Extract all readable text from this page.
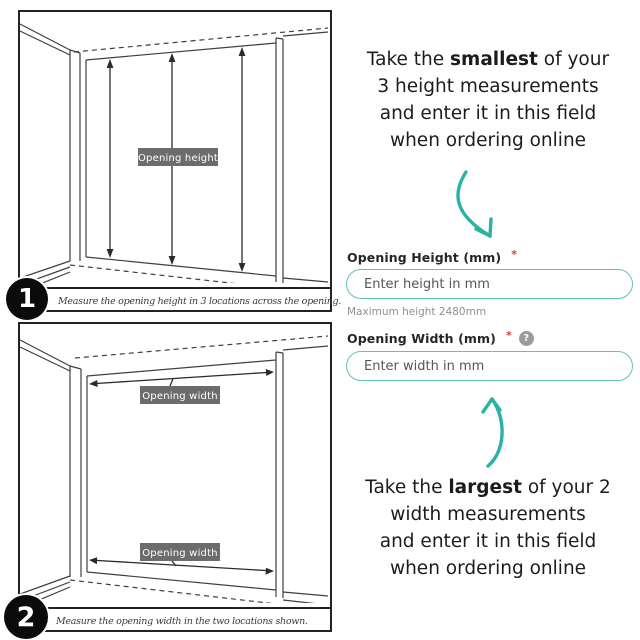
Opening height
Measure the opening height in 3 locations across the opening.
1
Opening width
Opening width
Measure the opening width in the two locations shown.
2
Take the smallest of your
3 height measurements
and enter it in this field
when ordering online
Opening Height (mm) *
Enter height in mm
Maximum height 2480mm
Opening Width (mm) *	?
Enter width in mm
Take the largest of your 2
width measurements
and enter it in this field
when ordering online
